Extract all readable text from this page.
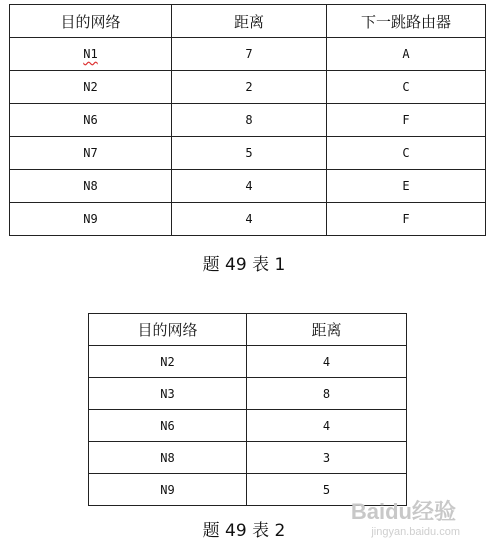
目的网络	距离	下一跳路由器
N1	7	A
N2	2	C
N6	8	F
N7	5	C
N8	4	E
N9	4	F
题 49 表 1
目的网络	距离
N2	4
N3	8
N6	4
N8	3
N9	5
题 49 表 2
Baidu经验
jingyan.baidu.com
